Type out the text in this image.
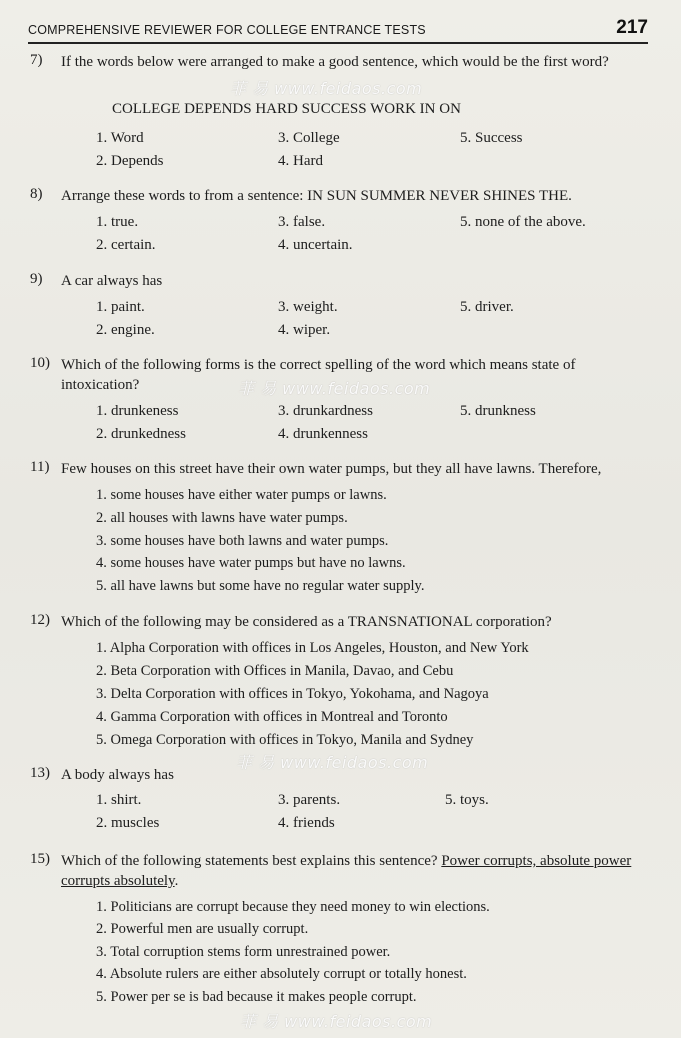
COMPREHENSIVE REVIEWER FOR COLLEGE ENTRANCE TESTS	217
7) If the words below were arranged to make a good sentence, which would be the first word?
COLLEGE DEPENDS HARD SUCCESS WORK IN ON
1. Word
2. Depends
3. College
4. Hard
5. Success
8) Arrange these words to from a sentence: IN SUN SUMMER NEVER SHINES THE.
1. true.
2. certain.
3. false.
4. uncertain.
5. none of the above.
9) A car always has
1. paint.
2. engine.
3. weight.
4. wiper.
5. driver.
10) Which of the following forms is the correct spelling of the word which means state of intoxication?
1. drunkeness
2. drunkedness
3. drunkardness
4. drunkenness
5. drunkness
11) Few houses on this street have their own water pumps, but they all have lawns. Therefore,
1. some houses have either water pumps or lawns.
2. all houses with lawns have water pumps.
3. some houses have both lawns and water pumps.
4. some houses have water pumps but have no lawns.
5. all have lawns but some have no regular water supply.
12) Which of the following may be considered as a TRANSNATIONAL corporation?
1. Alpha Corporation with offices in Los Angeles, Houston, and New York
2. Beta Corporation with Offices in Manila, Davao, and Cebu
3. Delta Corporation with offices in Tokyo, Yokohama, and Nagoya
4. Gamma Corporation with offices in Montreal and Toronto
5. Omega Corporation with offices in Tokyo, Manila and Sydney
13) A body always has
1. shirt.
2. muscles
3. parents.
4. friends
5. toys.
15) Which of the following statements best explains this sentence? Power corrupts, absolute power corrupts absolutely.
1. Politicians are corrupt because they need money to win elections.
2. Powerful men are usually corrupt.
3. Total corruption stems form unrestrained power.
4. Absolute rulers are either absolutely corrupt or totally honest.
5. Power per se is bad because it makes people corrupt.
菲 易 www.feidaos.com
菲 易 www.feidaos.com
菲 易 www.feidaos.com
菲 易 www.feidaos.com
